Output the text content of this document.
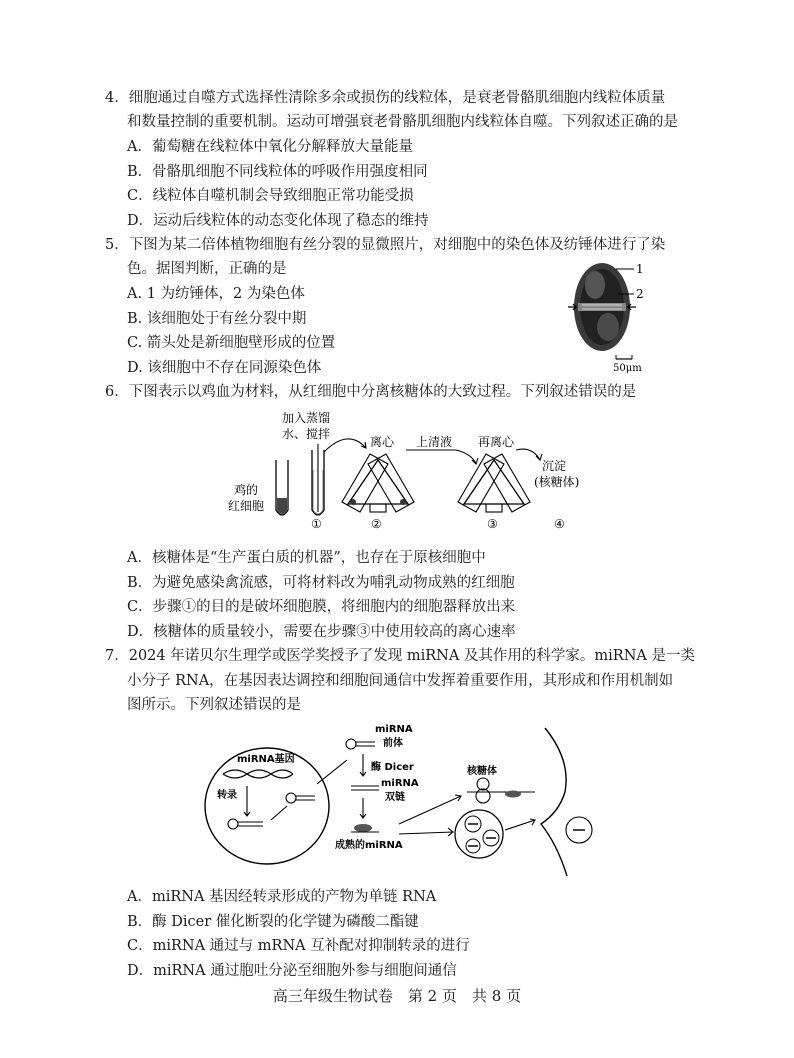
4．细胞通过自噬方式选择性清除多余或损伤的线粒体，是衰老骨骼肌细胞内线粒体质量
和数量控制的重要机制。运动可增强衰老骨骼肌细胞内线粒体自噬。下列叙述正确的是
A．葡萄糖在线粒体中氧化分解释放大量能量
B．骨骼肌细胞不同线粒体的呼吸作用强度相同
C．线粒体自噬机制会导致细胞正常功能受损
D．运动后线粒体的动态变化体现了稳态的维持
5．下图为某二倍体植物细胞有丝分裂的显微照片，对细胞中的染色体及纺锤体进行了染
色。据图判断，正确的是
A. 1 为纺锤体，2 为染色体
B. 该细胞处于有丝分裂中期
C. 箭头处是新细胞壁形成的位置
D. 该细胞中不存在同源染色体
1
2
50μm
6．下图表示以鸡血为材料，从红细胞中分离核糖体的大致过程。下列叙述错误的是
鸡的
红细胞
加入蒸馏
水、搅拌
①
离心
②
上清液 再离心
③
沉淀
(核糖体)
④
A．核糖体是“生产蛋白质的机器”，也存在于原核细胞中
B．为避免感染禽流感，可将材料改为哺乳动物成熟的红细胞
C．步骤①的目的是破坏细胞膜，将细胞内的细胞器释放出来
D．核糖体的质量较小，需要在步骤③中使用较高的离心速率
7．2024 年诺贝尔生理学或医学奖授予了发现 miRNA 及其作用的科学家。miRNA 是一类
小分子 RNA，在基因表达调控和细胞间通信中发挥着重要作用，其形成和作用机制如
图所示。下列叙述错误的是
miRNA基因
转录
miRNA
前体
酶 Dicer
miRNA
双链
成熟的miRNA
核糖体
A．miRNA 基因经转录形成的产物为单链 RNA
B．酶 Dicer 催化断裂的化学键为磷酸二酯键
C．miRNA 通过与 mRNA 互补配对抑制转录的进行
D．miRNA 通过胞吐分泌至细胞外参与细胞间通信
高三年级生物试卷　第 2 页　共 8 页
